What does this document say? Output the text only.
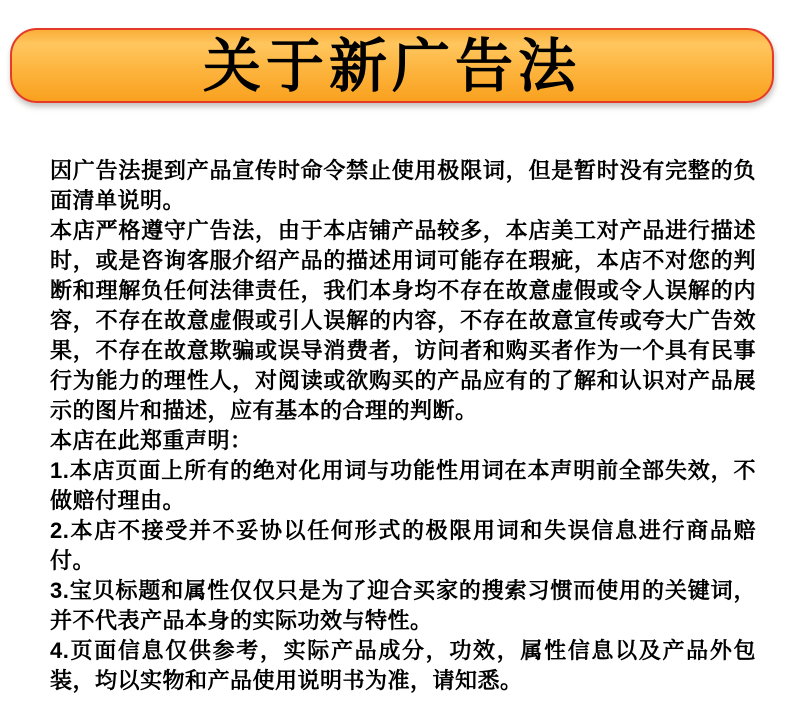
关于新广告法

因广告法提到产品宣传时命令禁止使用极限词，但是暂时没有完整的负面清单说明。

本店严格遵守广告法，由于本店铺产品较多，本店美工对产品进行描述时，或是咨询客服介绍产品的描述用词可能存在瑕疵，本店不对您的判断和理解负任何法律责任，我们本身均不存在故意虚假或令人误解的内容，不存在故意虚假或引人误解的内容，不存在故意宣传或夸大广告效果，不存在故意欺骗或误导消费者，访问者和购买者作为一个具有民事行为能力的理性人，对阅读或欲购买的产品应有的了解和认识对产品展示的图片和描述，应有基本的合理的判断。

本店在此郑重声明：

1.本店页面上所有的绝对化用词与功能性用词在本声明前全部失效，不做赔付理由。

2.本店不接受并不妥协以任何形式的极限用词和失误信息进行商品赔付。

3.宝贝标题和属性仅仅只是为了迎合买家的搜索习惯而使用的关键词，并不代表产品本身的实际功效与特性。

4.页面信息仅供参考，实际产品成分，功效，属性信息以及产品外包装，均以实物和产品使用说明书为准，请知悉。
